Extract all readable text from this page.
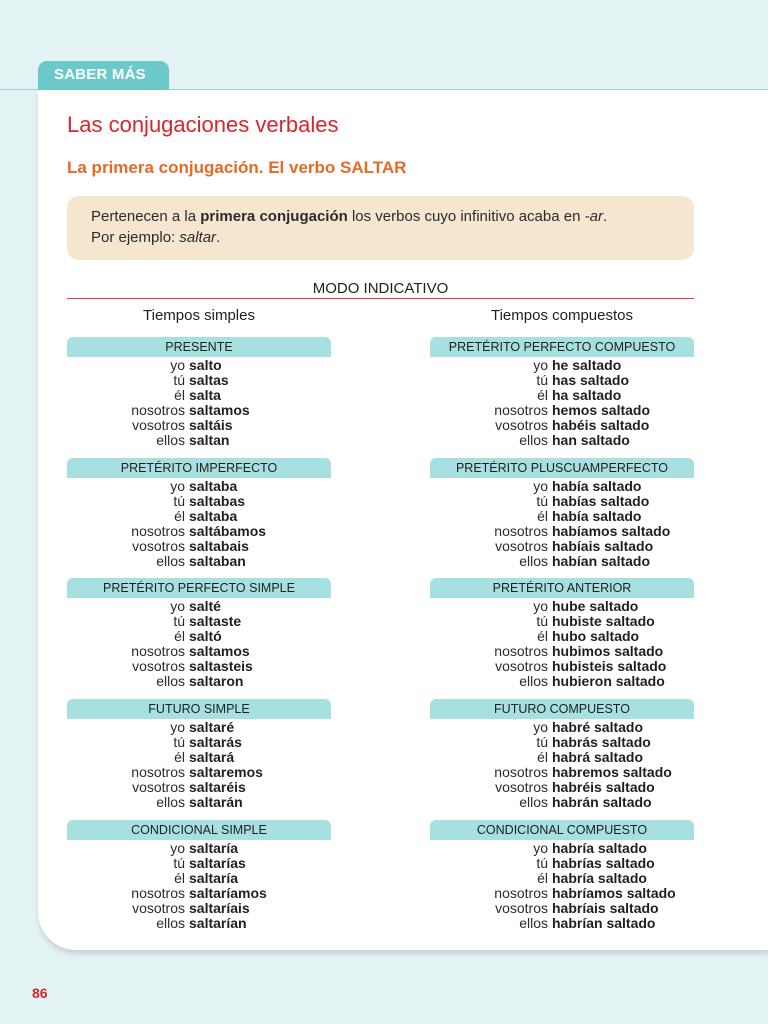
SABER MÁS
Las conjugaciones verbales
La primera conjugación. El verbo SALTAR
Pertenecen a la primera conjugación los verbos cuyo infinitivo acaba en -ar.
Por ejemplo: saltar.
MODO INDICATIVO
Tiempos simples	Tiempos compuestos
PRESENTE
yo salto
tú saltas
él salta
nosotros saltamos
vosotros saltáis
ellos saltan
PRETÉRITO IMPERFECTO
yo saltaba
tú saltabas
él saltaba
nosotros saltábamos
vosotros saltabais
ellos saltaban
PRETÉRITO PERFECTO SIMPLE
yo salté
tú saltaste
él saltó
nosotros saltamos
vosotros saltasteis
ellos saltaron
FUTURO SIMPLE
yo saltaré
tú saltarás
él saltará
nosotros saltaremos
vosotros saltaréis
ellos saltarán
CONDICIONAL SIMPLE
yo saltaría
tú saltarías
él saltaría
nosotros saltaríamos
vosotros saltaríais
ellos saltarían
PRETÉRITO PERFECTO COMPUESTO
yo he saltado
tú has saltado
él ha saltado
nosotros hemos saltado
vosotros habéis saltado
ellos han saltado
PRETÉRITO PLUSCUAMPERFECTO
yo había saltado
tú habías saltado
él había saltado
nosotros habíamos saltado
vosotros habíais saltado
ellos habían saltado
PRETÉRITO ANTERIOR
yo hube saltado
tú hubiste saltado
él hubo saltado
nosotros hubimos saltado
vosotros hubisteis saltado
ellos hubieron saltado
FUTURO COMPUESTO
yo habré saltado
tú habrás saltado
él habrá saltado
nosotros habremos saltado
vosotros habréis saltado
ellos habrán saltado
CONDICIONAL COMPUESTO
yo habría saltado
tú habrías saltado
él habría saltado
nosotros habríamos saltado
vosotros habríais saltado
ellos habrían saltado
86
